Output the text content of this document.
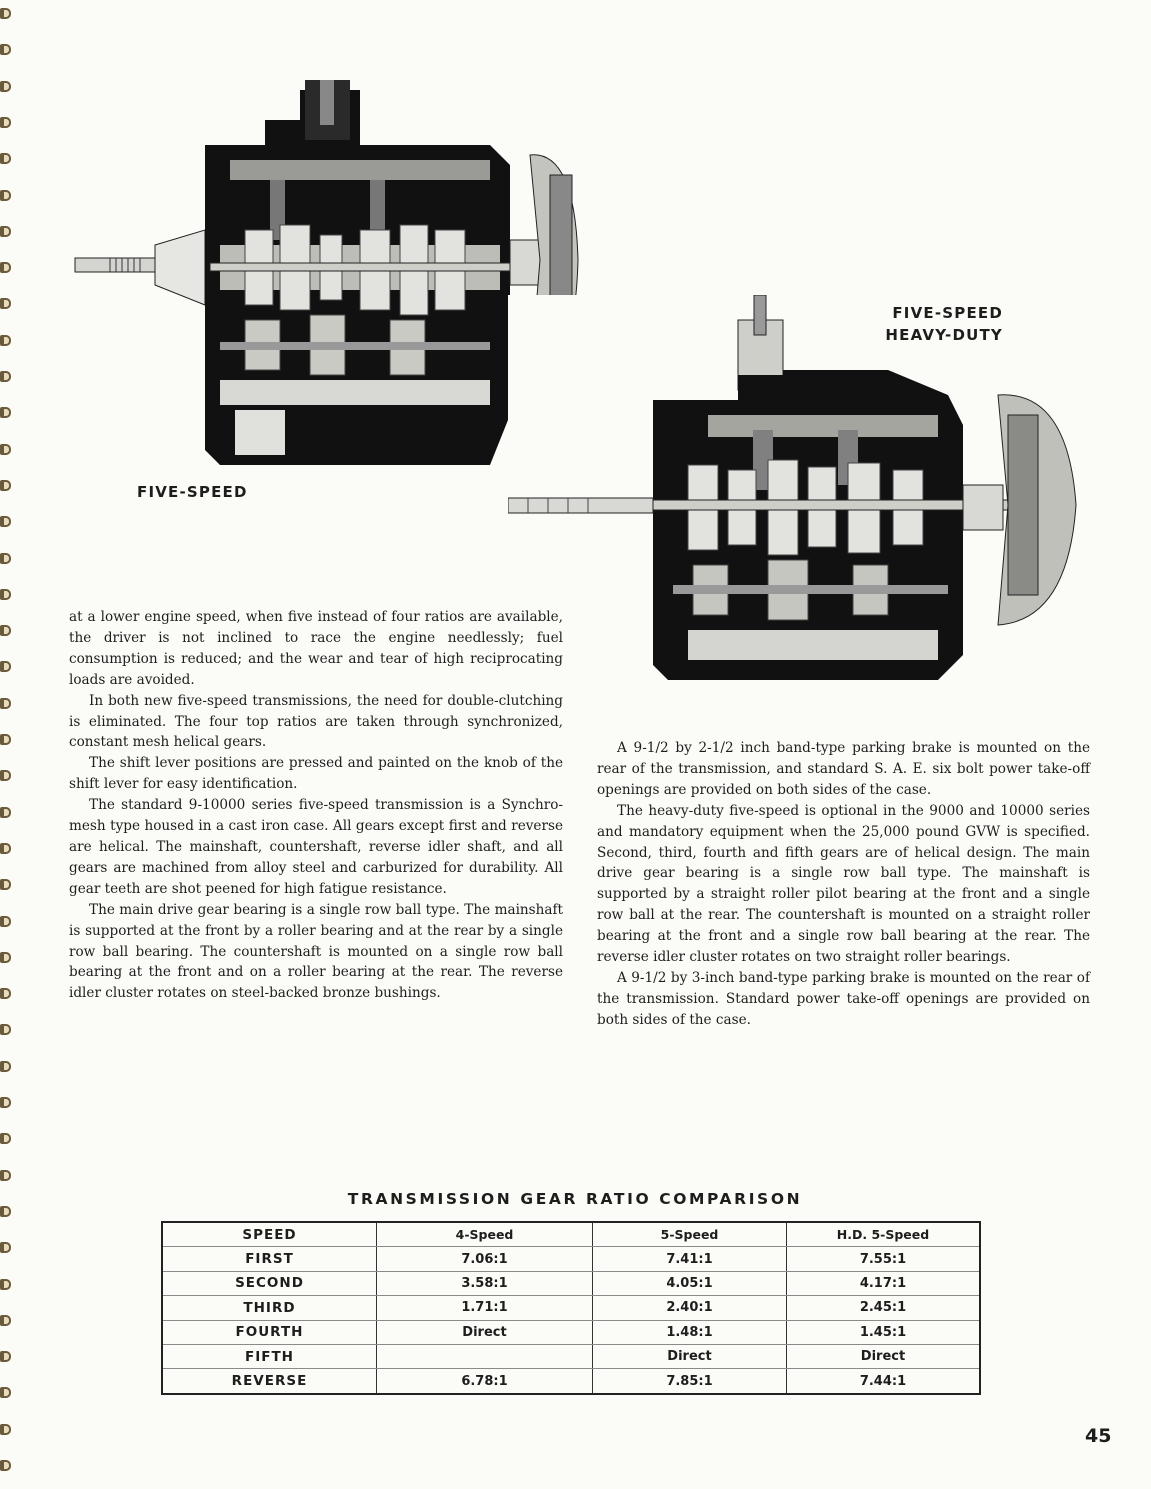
FIVE-SPEED
FIVE-SPEED
HEAVY-DUTY

at a lower engine speed, when five instead of four ratios are available, the driver is not inclined to race the engine needlessly; fuel consumption is reduced; and the wear and tear of high reciprocating loads are avoided.

In both new five-speed transmissions, the need for double-clutching is eliminated. The four top ratios are taken through synchronized, constant mesh helical gears.

The shift lever positions are pressed and painted on the knob of the shift lever for easy identification.

The standard 9-10000 series five-speed transmission is a Synchro-mesh type housed in a cast iron case. All gears except first and reverse are helical. The mainshaft, countershaft, reverse idler shaft, and all gears are machined from alloy steel and carburized for durability. All gear teeth are shot peened for high fatigue resistance.

The main drive gear bearing is a single row ball type. The mainshaft is supported at the front by a roller bearing and at the rear by a single row ball bearing. The countershaft is mounted on a single row ball bearing at the front and on a roller bearing at the rear. The reverse idler cluster rotates on steel-backed bronze bushings.

A 9-1/2 by 2-1/2 inch band-type parking brake is mounted on the rear of the transmission, and standard S. A. E. six bolt power take-off openings are provided on both sides of the case.

The heavy-duty five-speed is optional in the 9000 and 10000 series and mandatory equipment when the 25,000 pound GVW is specified. Second, third, fourth and fifth gears are of helical design. The main drive gear bearing is a single row ball type. The mainshaft is supported by a straight roller pilot bearing at the front and a single row ball at the rear. The countershaft is mounted on a straight roller bearing at the front and a single row ball bearing at the rear. The reverse idler cluster rotates on two straight roller bearings.

A 9-1/2 by 3-inch band-type parking brake is mounted on the rear of the transmission. Standard power take-off openings are provided on both sides of the case.

TRANSMISSION GEAR RATIO COMPARISON
SPEED	4-Speed	5-Speed	H.D. 5-Speed
FIRST	7.06:1	7.41:1	7.55:1
SECOND	3.58:1	4.05:1	4.17:1
THIRD	1.71:1	2.40:1	2.45:1
FOURTH	Direct	1.48:1	1.45:1
FIFTH		Direct	Direct
REVERSE	6.78:1	7.85:1	7.44:1
45
